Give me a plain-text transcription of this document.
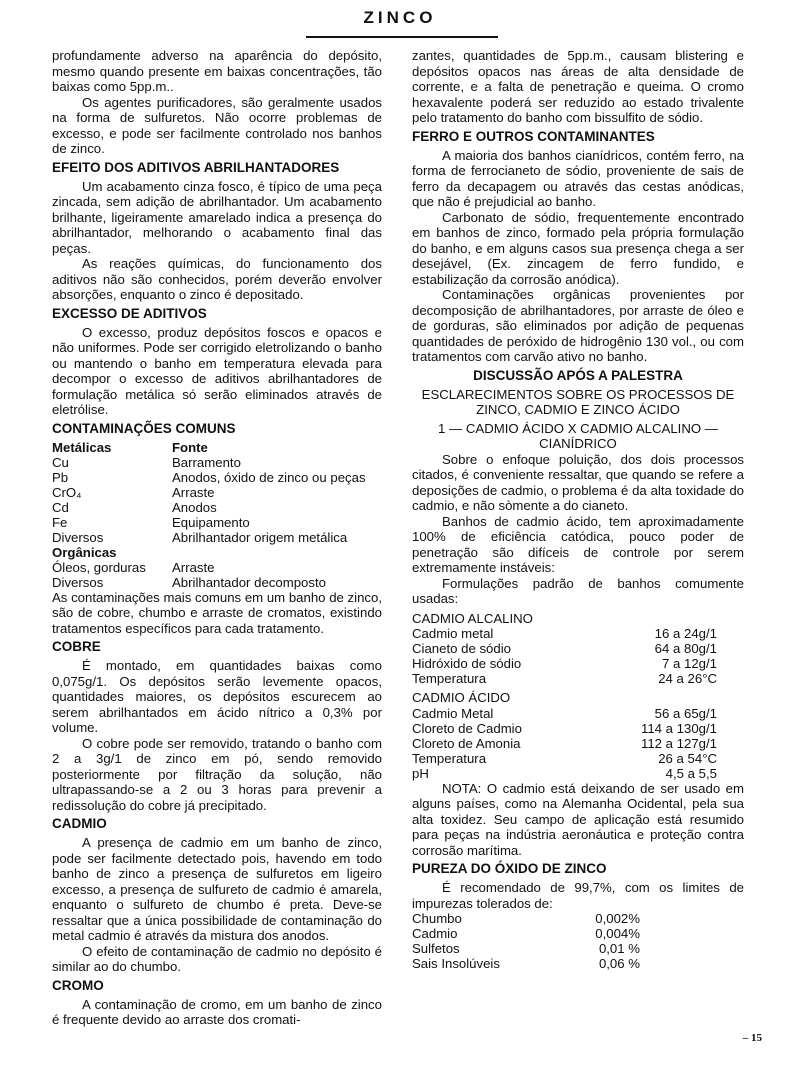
ZINCO

profundamente adverso na aparência do depósito, mesmo quando presente em baixas concentrações, tão baixas como 5pp.m..

Os agentes purificadores, são geralmente usados na forma de sulfuretos. Não ocorre problemas de excesso, e pode ser facilmente controlado nos banhos de zinco.

EFEITO DOS ADITIVOS ABRILHANTADORES

Um acabamento cinza fosco, é típico de uma peça zincada, sem adição de abrilhantador. Um acabamento brilhante, ligeiramente amarelado indica a presença do abrilhantador, melhorando o acabamento final das peças.

As reações químicas, do funcionamento dos aditivos não são conhecidos, porém deverão envolver absorções, enquanto o zinco é depositado.

EXCESSO DE ADITIVOS

O excesso, produz depósitos foscos e opacos e não uniformes. Pode ser corrigido eletrolizando o banho ou mantendo o banho em temperatura elevada para decompor o excesso de aditivos abrilhantadores de formulação metálica só serão eliminados através de eletrólise.

CONTAMINAÇÕES COMUNS
Metálicas	Fonte
Cu	Barramento
Pb	Anodos, óxido de zinco ou peças
CrO₄	Arraste
Cd	Anodos
Fe	Equipamento
Diversos	Abrilhantador origem metálica
Orgânicas	
Óleos, gorduras	Arraste
Diversos	Abrilhantador decomposto

As contaminações mais comuns em um banho de zinco, são de cobre, chumbo e arraste de cromatos, existindo tratamentos específicos para cada tratamento.

COBRE

É montado, em quantidades baixas como 0,075g/1. Os depósitos serão levemente opacos, quantidades maiores, os depósitos escurecem ao serem abrilhantados em ácido nítrico a 0,3% por volume.

O cobre pode ser removido, tratando o banho com 2 a 3g/1 de zinco em pó, sendo removido posteriormente por filtração da solução, não ultrapassando-se a 2 ou 3 horas para prevenir a redissolução do cobre já precipitado.

CADMIO

A presença de cadmio em um banho de zinco, pode ser facilmente detectado pois, havendo em todo banho de zinco a presença de sulfuretos em ligeiro excesso, a presença de sulfureto de cadmio é amarela, enquanto o sulfureto de chumbo é preta. Deve-se ressaltar que a única possibilidade de contaminação do metal cadmio é através da mistura dos anodos.

O efeito de contaminação de cadmio no depósito é similar ao do chumbo.

CROMO

A contaminação de cromo, em um banho de zinco é frequente devido ao arraste dos cromati-

zantes, quantidades de 5pp.m., causam blistering e depósitos opacos nas áreas de alta densidade de corrente, e a falta de penetração e queima. O cromo hexavalente poderá ser reduzido ao estado trivalente pelo tratamento do banho com bissulfito de sódio.

FERRO E OUTROS CONTAMINANTES

A maioria dos banhos cianídricos, contém ferro, na forma de ferrocianeto de sódio, proveniente de sais de ferro da decapagem ou através das cestas anódicas, que não é prejudicial ao banho.

Carbonato de sódio, frequentemente encontrado em banhos de zinco, formado pela própria formulação do banho, e em alguns casos sua presença chega a ser desejável, (Ex. zincagem de ferro fundido, e estabilização da corrosão anódica).

Contaminações orgânicas provenientes por decomposição de abrilhantadores, por arraste de óleo e de gorduras, são eliminados por adição de pequenas quantidades de peróxido de hidrogênio 130 vol., ou com tratamentos com carvão ativo no banho.

DISCUSSÃO APÓS A PALESTRA

ESCLARECIMENTOS SOBRE OS PROCESSOS DE ZINCO, CADMIO E ZINCO ÁCIDO

1 — CADMIO ÁCIDO X CADMIO ALCALINO — CIANÍDRICO

Sobre o enfoque poluição, dos dois processos citados, é conveniente ressaltar, que quando se refere a deposições de cadmio, o problema é da alta toxidade do cadmio, e não sòmente a do cianeto.

Banhos de cadmio ácido, tem aproximadamente 100% de eficiência catódica, pouco poder de penetração são difíceis de controle por serem extremamente instáveis:

Formulações padrão de banhos comumente usadas:

CADMIO ALCALINO

Cadmio metal	16 a 24g/1
Cianeto de sódio	64 a 80g/1
Hidróxido de sódio	7 a 12g/1
Temperatura	24 a 26°C

CADMIO ÁCIDO

Cadmio Metal	56 a 65g/1
Cloreto de Cadmio	114 a 130g/1
Cloreto de Amonia	112 a 127g/1
Temperatura	26 a 54°C
pH	4,5 a 5,5

NOTA: O cadmio está deixando de ser usado em alguns países, como na Alemanha Ocidental, pela sua alta toxidez. Seu campo de aplicação está resumido para peças na indústria aeronáutica e proteção contra corrosão marítima.

PUREZA DO ÓXIDO DE ZINCO

É recomendado de 99,7%, com os limites de impurezas tolerados de:

Chumbo	0,002%
Cadmio	0,004%
Sulfetos	0,01 %
Sais Insolúveis	0,06 %
– 15
